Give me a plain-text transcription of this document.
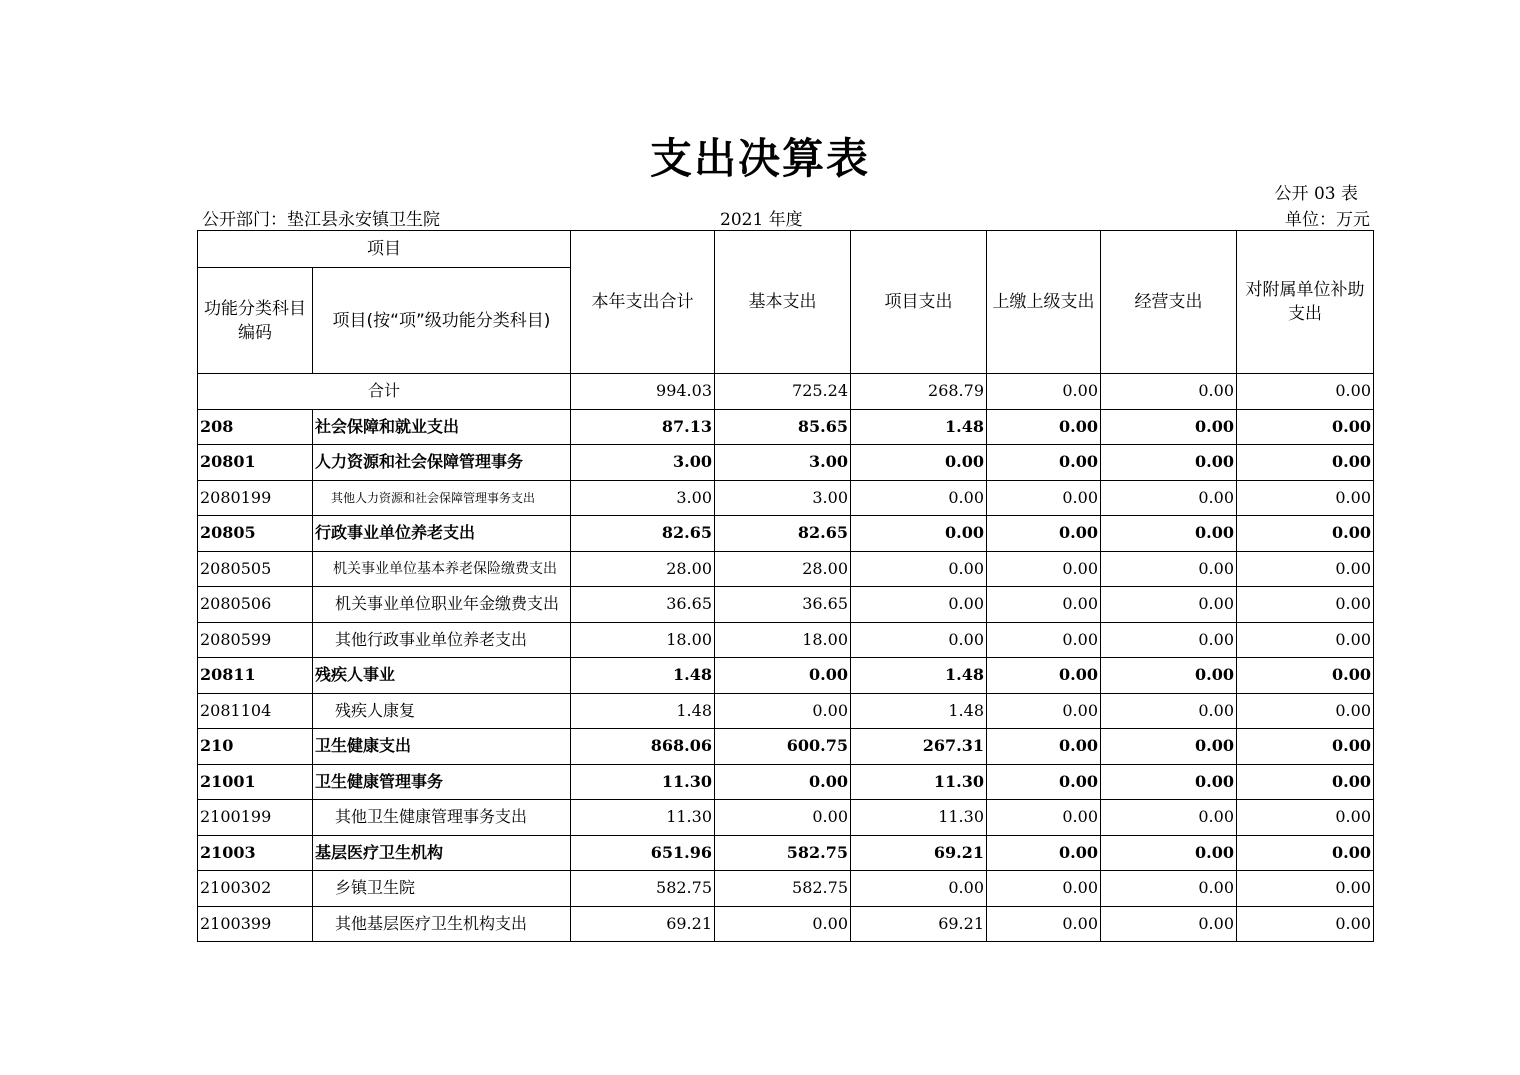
支出决算表
公开 03 表
公开部门：垫江县永安镇卫生院	2021 年度	单位：万元
项目		本年支出合计	基本支出	项目支出	上缴上级支出	经营支出	对附属单位补助支出
功能分类科目编码	项目(按“项”级功能分类科目)						
合计		994.03	725.24	268.79	0.00	0.00	0.00
208	社会保障和就业支出	87.13	85.65	1.48	0.00	0.00	0.00
20801	人力资源和社会保障管理事务	3.00	3.00	0.00	0.00	0.00	0.00
2080199	其他人力资源和社会保障管理事务支出	3.00	3.00	0.00	0.00	0.00	0.00
20805	行政事业单位养老支出	82.65	82.65	0.00	0.00	0.00	0.00
2080505	机关事业单位基本养老保险缴费支出	28.00	28.00	0.00	0.00	0.00	0.00
2080506	机关事业单位职业年金缴费支出	36.65	36.65	0.00	0.00	0.00	0.00
2080599	其他行政事业单位养老支出	18.00	18.00	0.00	0.00	0.00	0.00
20811	残疾人事业	1.48	0.00	1.48	0.00	0.00	0.00
2081104	残疾人康复	1.48	0.00	1.48	0.00	0.00	0.00
210	卫生健康支出	868.06	600.75	267.31	0.00	0.00	0.00
21001	卫生健康管理事务	11.30	0.00	11.30	0.00	0.00	0.00
2100199	其他卫生健康管理事务支出	11.30	0.00	11.30	0.00	0.00	0.00
21003	基层医疗卫生机构	651.96	582.75	69.21	0.00	0.00	0.00
2100302	乡镇卫生院	582.75	582.75	0.00	0.00	0.00	0.00
2100399	其他基层医疗卫生机构支出	69.21	0.00	69.21	0.00	0.00	0.00
